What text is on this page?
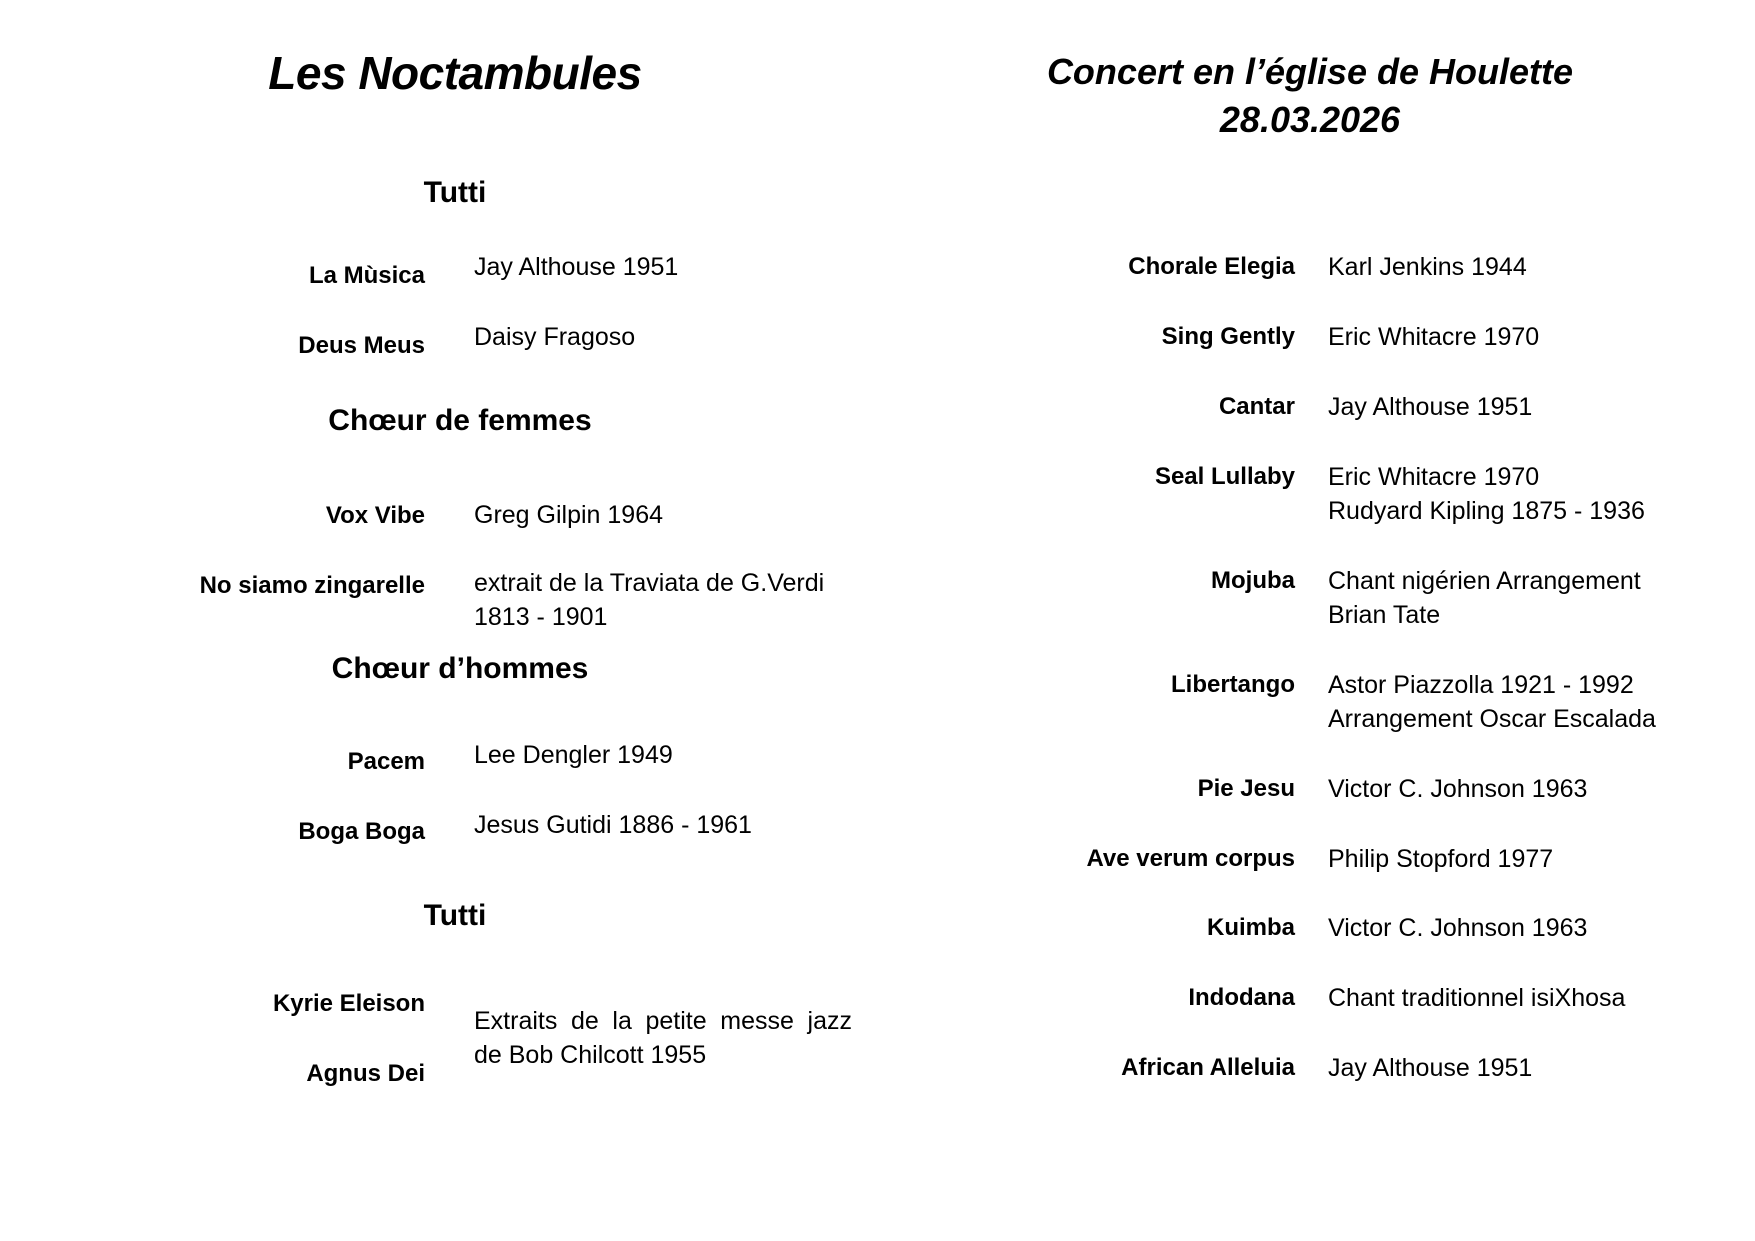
Les Noctambules	Concert en l’église de Houlette
28.03.2026
Tutti
La Mùsica Jay Althouse 1951
Deus Meus Daisy Fragoso
Chœur de femmes
Vox Vibe Greg Gilpin 1964
No siamo zingarelle extrait de la Traviata de G.Verdi
1813 - 1901
Chœur d’hommes
Pacem Lee Dengler 1949
Boga Boga Jesus Gutidi 1886 - 1961
Tutti
Kyrie Eleison
Agnus Dei
Extraits de la petite messe jazz de Bob Chilcott 1955
Chorale Elegia Karl Jenkins 1944
Sing Gently Eric Whitacre 1970
Cantar Jay Althouse 1951
Seal Lullaby Eric Whitacre 1970
Rudyard Kipling 1875 - 1936
Mojuba Chant nigérien Arrangement
Brian Tate
Libertango Astor Piazzolla 1921 - 1992
Arrangement Oscar Escalada
Pie Jesu Victor C. Johnson 1963
Ave verum corpus Philip Stopford 1977
Kuimba Victor C. Johnson 1963
Indodana Chant traditionnel isiXhosa
African Alleluia Jay Althouse 1951
